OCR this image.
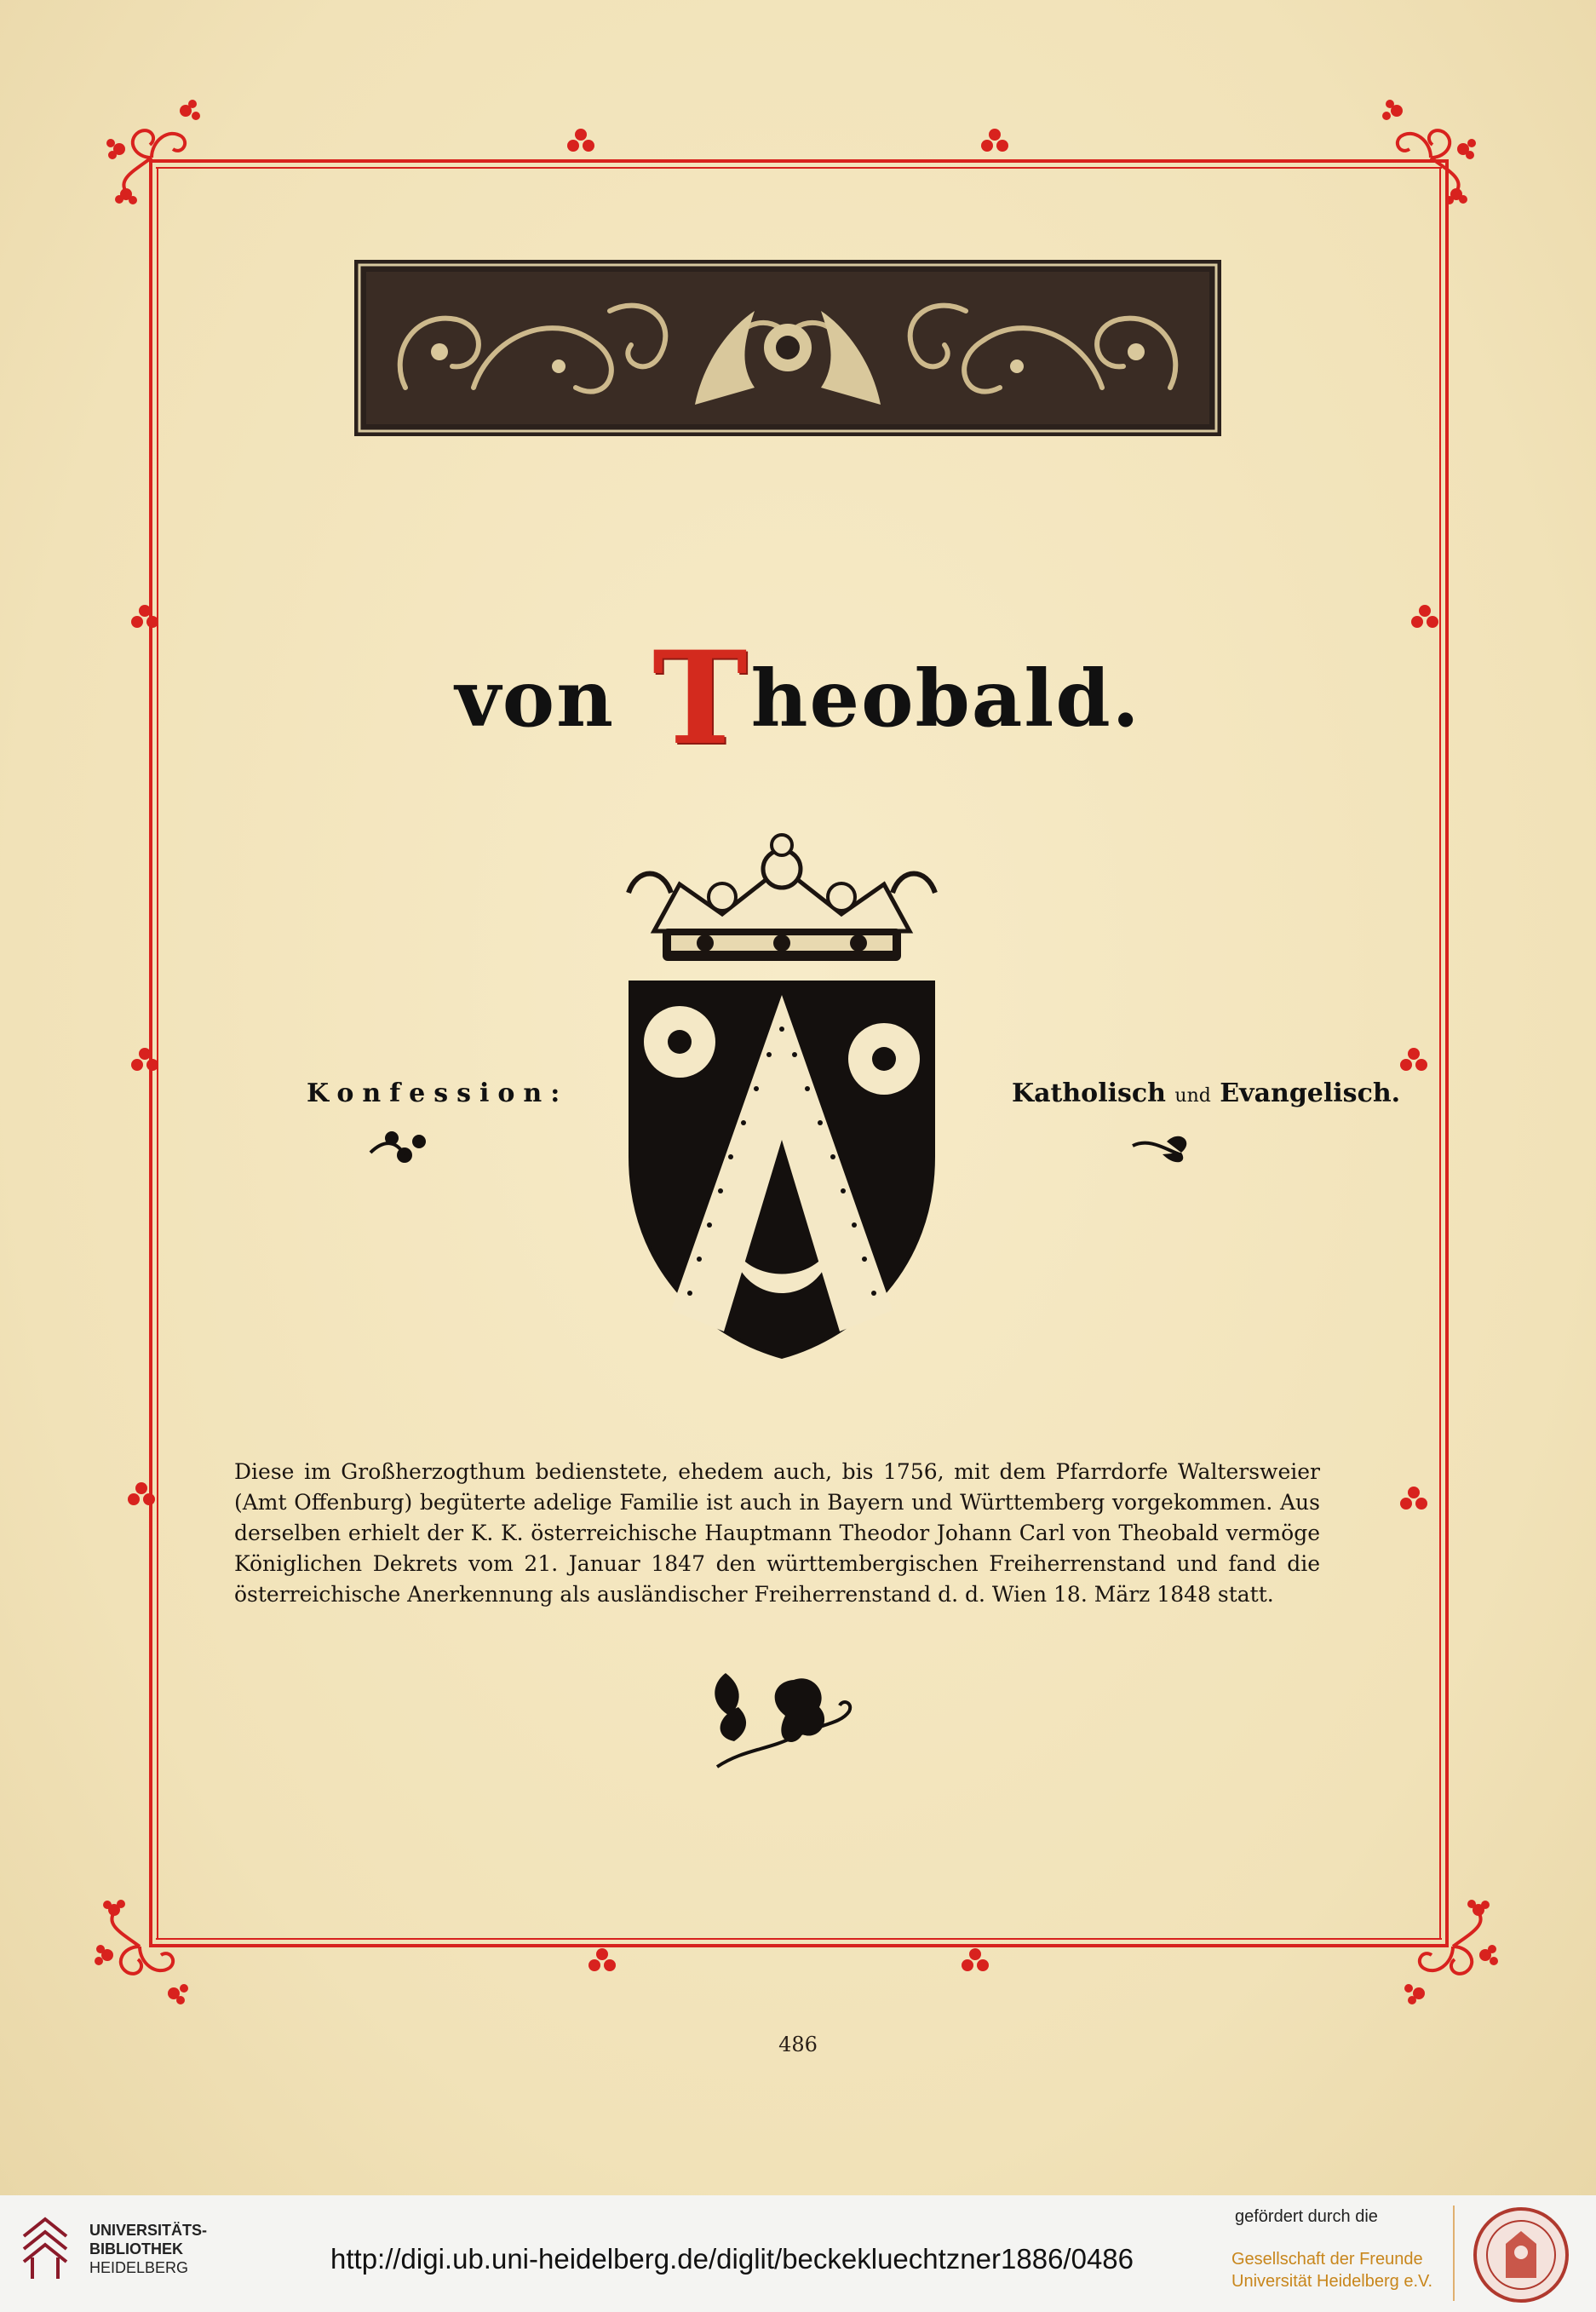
von T heobald.
Konfession:	Katholisch und Evangelisch.
Diese im Großherzogthum bedienstete, ehedem auch, bis 1756, mit dem Pfarrdorfe Waltersweier (Amt Offenburg) begüterte adelige Familie ist auch in Bayern und Württemberg vorgekommen. Aus derselben erhielt der K. K. österreichische Hauptmann Theodor Johann Carl von Theobald vermöge Königlichen Dekrets vom 21. Januar 1847 den württembergischen Freiherrenstand und fand die österreichische Anerkennung als ausländischer Freiherrenstand d. d. Wien 18. März 1848 statt.
486
UNIVERSITÄTS-
BIBLIOTHEK
HEIDELBERG	http://digi.ub.uni-heidelberg.de/diglit/beckekluechtzner1886/0486
gefördert durch die
Gesellschaft der Freunde
Universität Heidelberg e.V.
